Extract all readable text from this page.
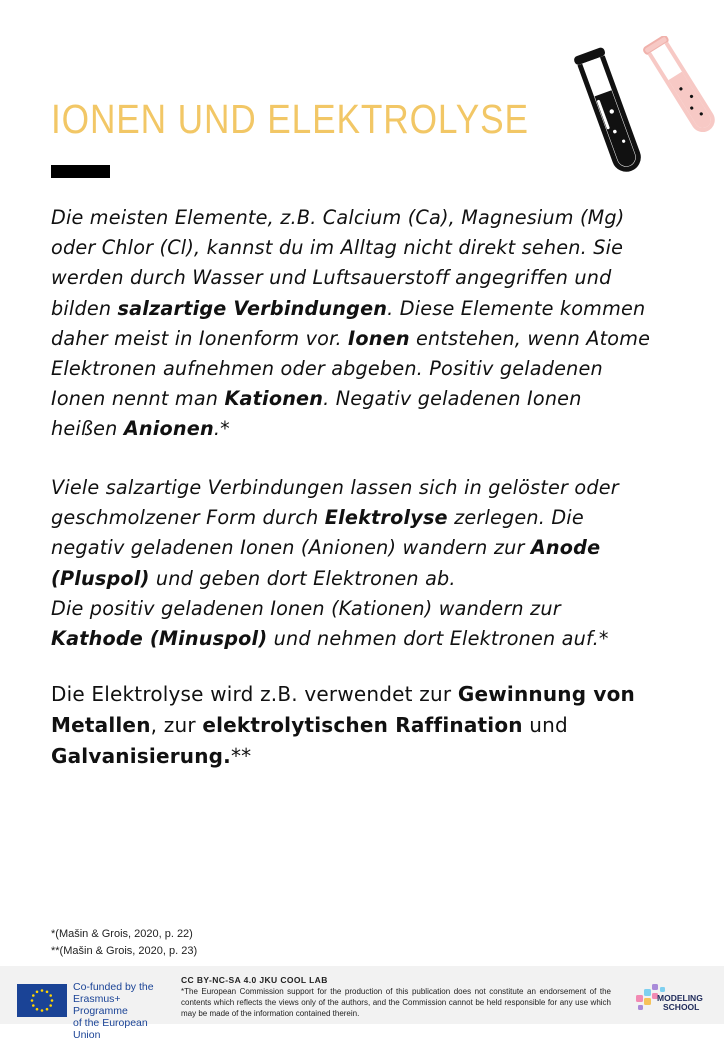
IONEN UND ELEKTROLYSE

Die meisten Elemente, z.B. Calcium (Ca), Magnesium (Mg) oder Chlor (Cl), kannst du im Alltag nicht direkt sehen. Sie werden durch Wasser und Luftsauerstoff angegriffen und bilden salzartige Verbindungen. Diese Elemente kommen daher meist in Ionenform vor. Ionen entstehen, wenn Atome Elektronen aufnehmen oder abgeben. Positiv geladenen Ionen nennt man Kationen. Negativ geladenen Ionen heißen Anionen.*

Viele salzartige Verbindungen lassen sich in gelöster oder geschmolzener Form durch Elektrolyse zerlegen. Die negativ geladenen Ionen (Anionen) wandern zur Anode (Pluspol) und geben dort Elektronen ab.
Die positiv geladenen Ionen (Kationen) wandern zur Kathode (Minuspol) und nehmen dort Elektronen auf.*

Die Elektrolyse wird z.B. verwendet zur Gewinnung von Metallen, zur elektrolytischen Raffination und Galvanisierung.**

*(Mašin & Grois, 2020, p. 22)
**(Mašin & Grois, 2020, p. 23)
Co-funded by the
Erasmus+ Programme
of the European Union
CC BY-NC-SA 4.0 JKU COOL LAB
*The European Commission support for the production of this publication does not constitute an endorsement of the contents which reflects the views only of the authors, and the Commission cannot be held responsible for any use which may be made of the information contained therein.
MODELING
SCHOOL
